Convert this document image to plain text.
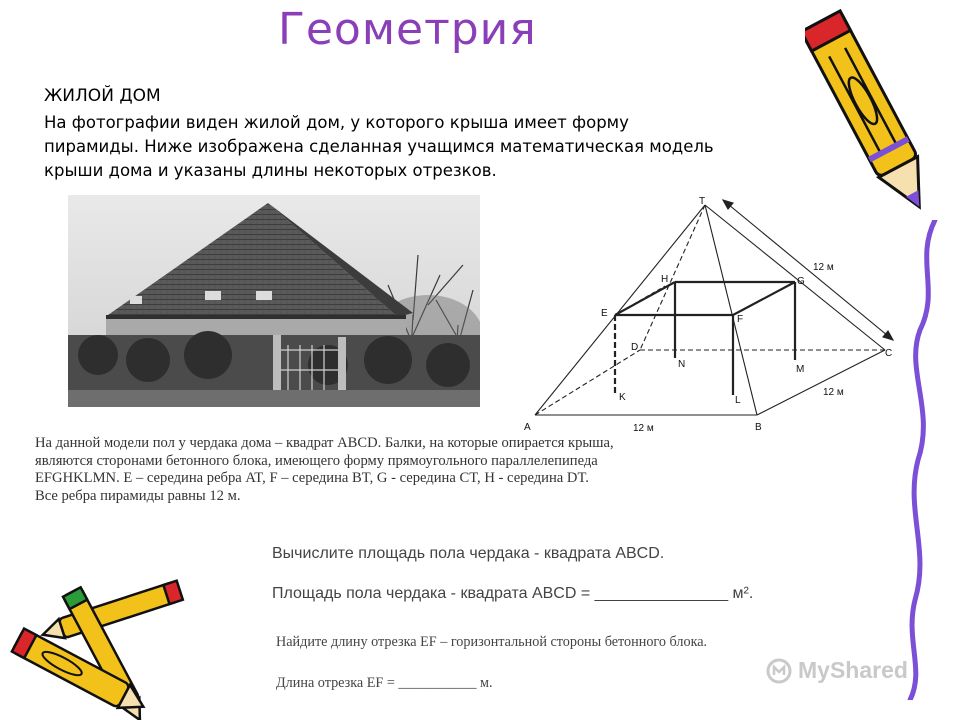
Геометрия
ЖИЛОЙ ДОМ
На фотографии виден жилой дом, у которого крыша имеет форму
пирамиды. Ниже изображена сделанная учащимся математическая модель
крыши дома и указаны длины некоторых отрезков.
T
A	B
C
D
E
F
G
H
K	L
M
N
12 м
12 м
12 м
На данной модели пол у чердака дома – квадрат ABCD. Балки, на которые опирается крыша,
являются сторонами бетонного блока, имеющего форму прямоугольного параллелепипеда
EFGHKLMN. E – середина ребра AT, F – середина BT, G - середина CT, H - середина DT.
Все ребра пирамиды равны 12 м.
Вычислите площадь пола чердака - квадрата ABCD.
Площадь пола чердака - квадрата ABCD = _______________ м².
Найдите длину отрезка EF – горизонтальной стороны бетонного блока.
Длина отрезка EF = ___________ м.	MyShared
